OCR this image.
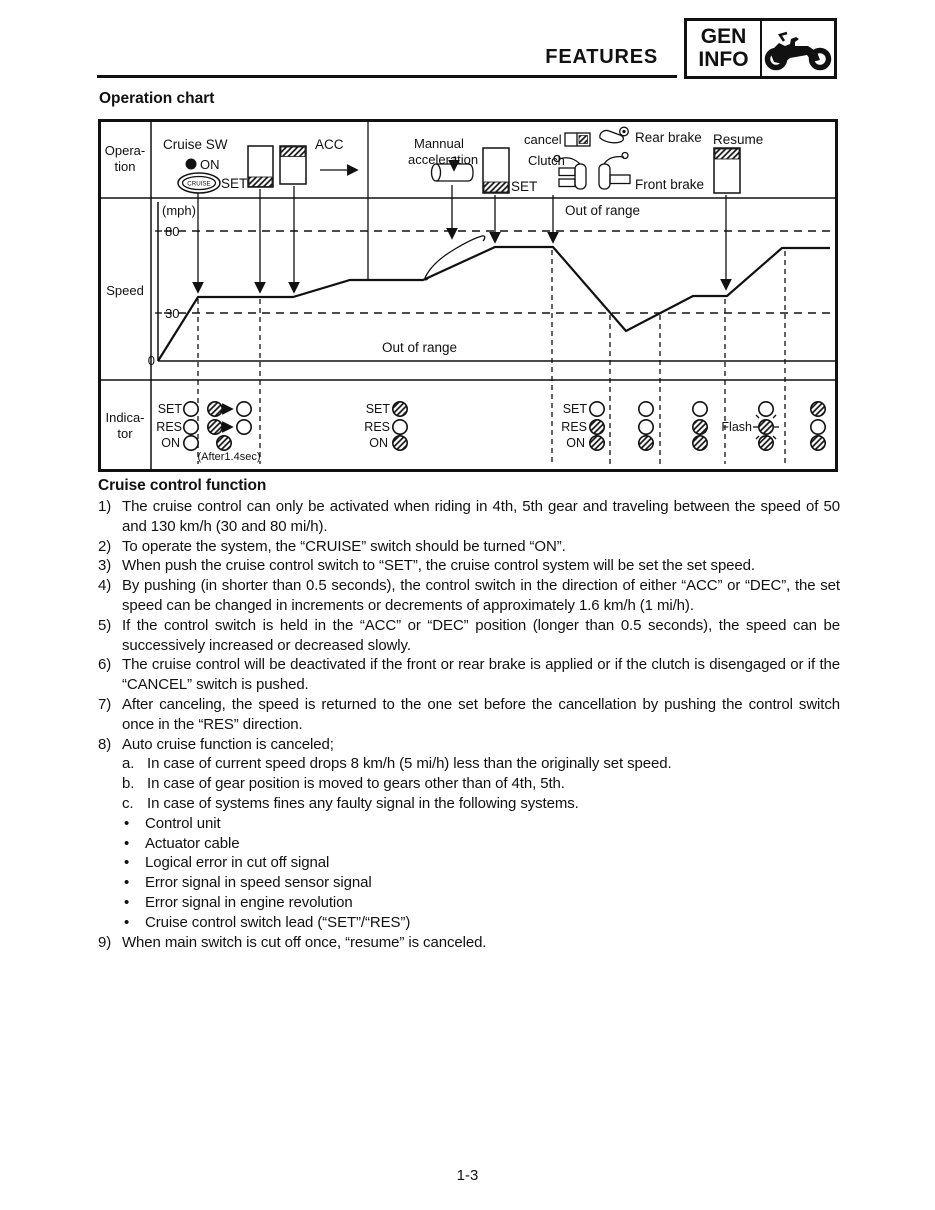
FEATURES
GEN
INFO
Operation chart
Opera-
tion
Speed
Indica-
tor
Cruise SW
ON
CRUISE SET
ACC	Mannual
acceleration
SET
cancel	Rear brake
Clutch
Front brake
Resume
(mph)
80
30
0
Out of range
Out of range
SET
RES
ON
(After1.4sec)
SET
RES
ON
SET
RES
ON
Flash
Cruise control function
1) The cruise control can only be activated when riding in 4th, 5th gear and traveling between the speed of 50 and 130 km/h (30 and 80 mi/h).
2) To operate the system, the “CRUISE” switch should be turned “ON”.
3) When push the cruise control switch to “SET”, the cruise control system will be set the set speed.
4) By pushing (in shorter than 0.5 seconds), the control switch in the direction of either “ACC” or “DEC”, the set speed can be changed in increments or decrements of approximately 1.6 km/h (1 mi/h).
5) If the control switch is held in the “ACC” or “DEC” position (longer than 0.5 seconds), the speed can be successively increased or decreased slowly.
6) The cruise control will be deactivated if the front or rear brake is applied or if the clutch is disengaged or if the “CANCEL” switch is pushed.
7) After canceling, the speed is returned to the one set before the cancellation by pushing the control switch once in the “RES” direction.
8) Auto cruise function is canceled;
a. In case of current speed drops 8 km/h (5 mi/h) less than the originally set speed.
b. In case of gear position is moved to gears other than of 4th, 5th.
c. In case of systems fines any faulty signal in the following systems.
•	Control unit
•	Actuator cable
•	Logical error in cut off signal
•	Error signal in speed sensor signal
•	Error signal in engine revolution
•	Cruise control switch lead (“SET”/“RES”)
9) When main switch is cut off once, “resume” is canceled.
1-3
